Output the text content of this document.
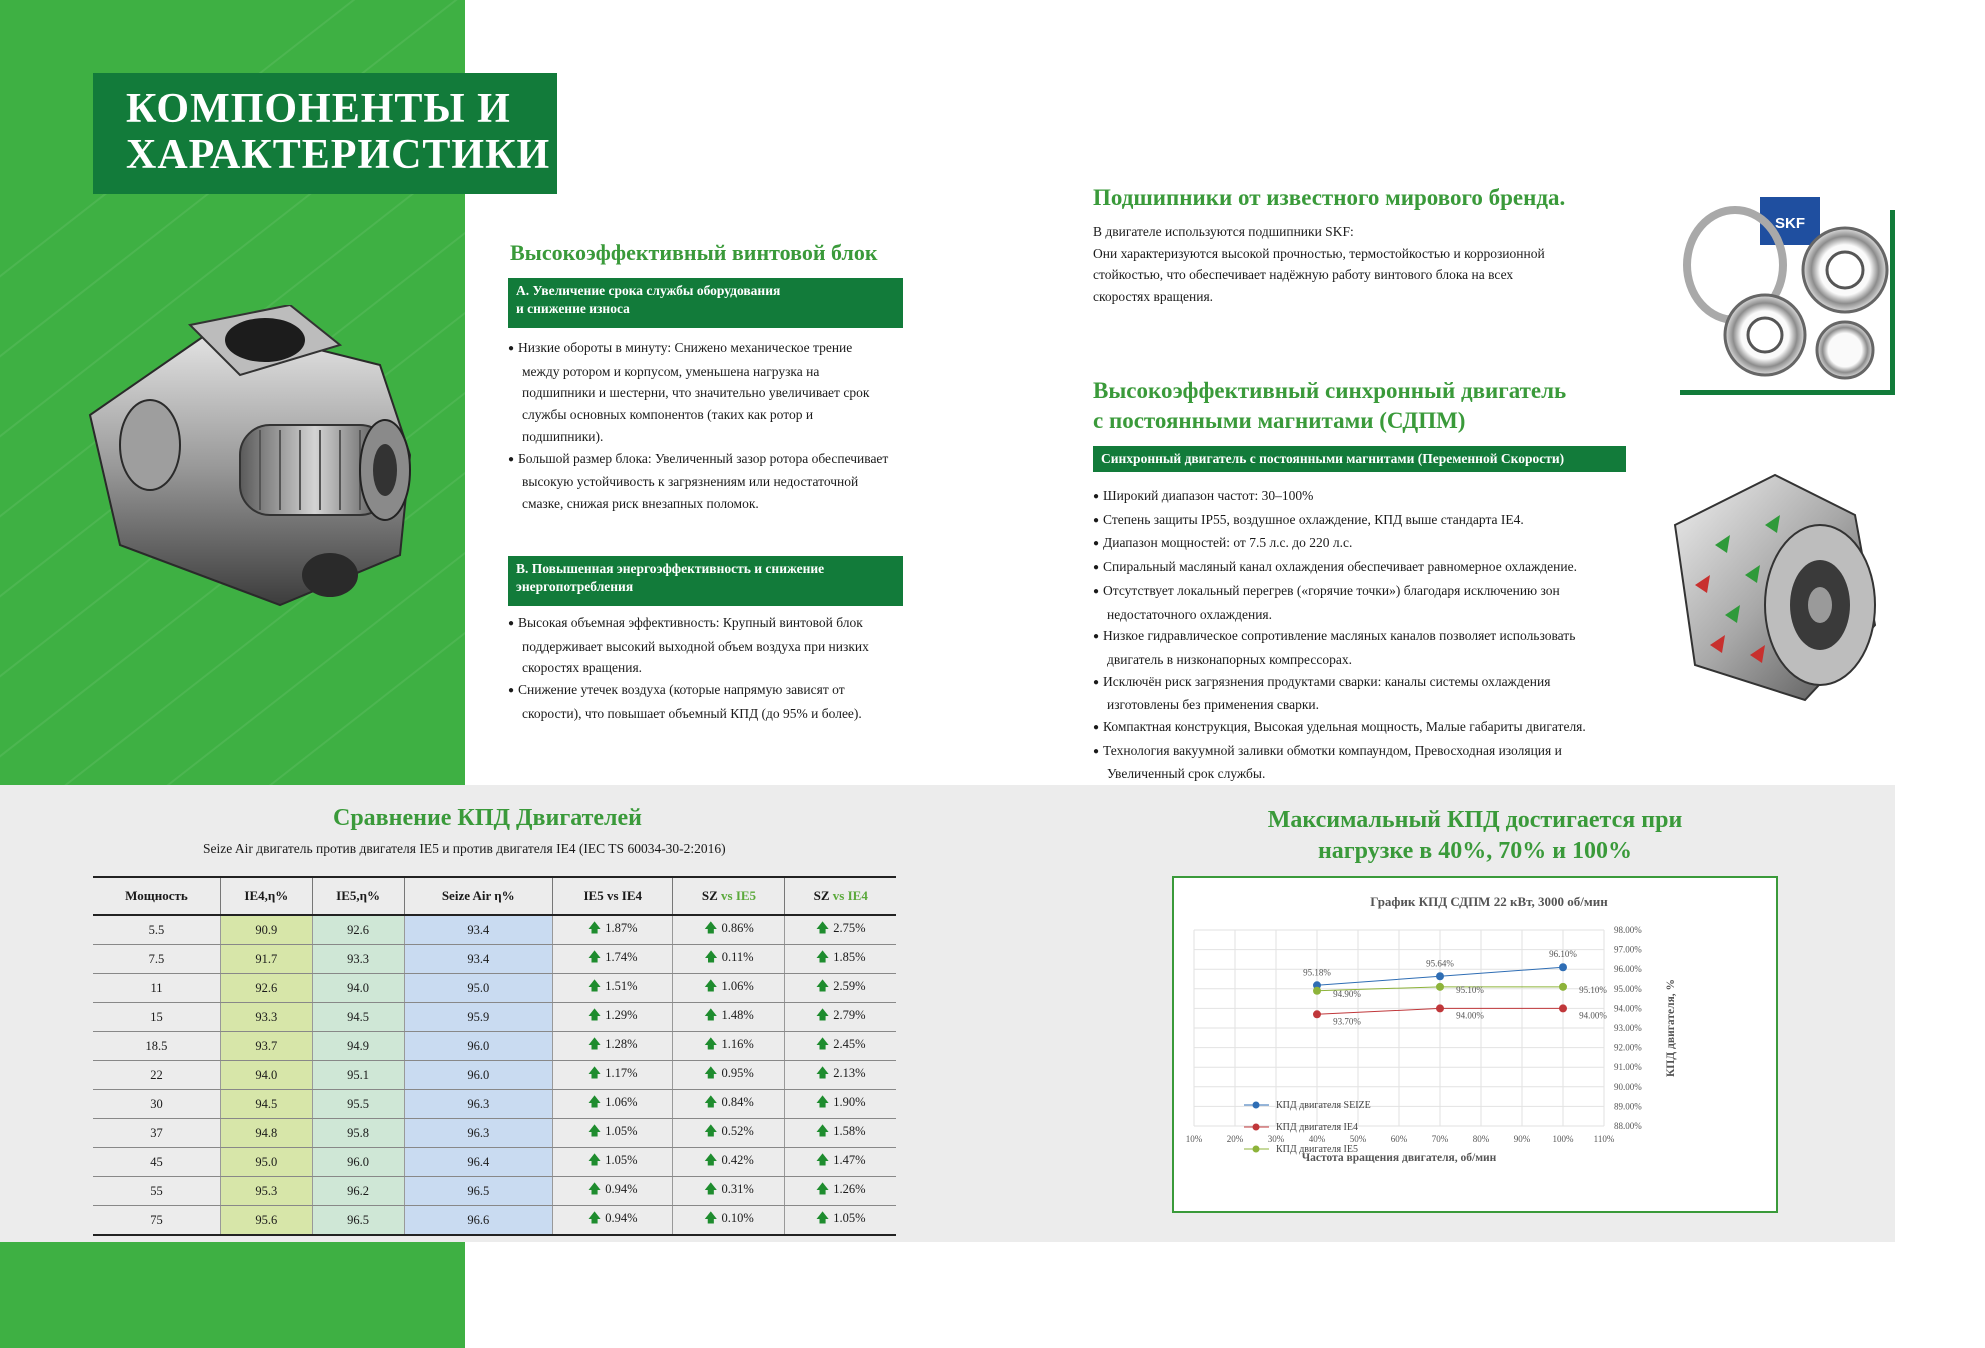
КОМПОНЕНТЫ И
ХАРАКТЕРИСТИКИ
Высокоэффективный винтовой блок
А. Увеличение срока службы оборудования
и снижение износа
● Низкие обороты в минуту: Снижено механическое трение между ротором и корпусом, уменьшена нагрузка на подшипники и шестерни, что значительно увеличивает срок службы основных компонентов (таких как ротор и подшипники).
● Большой размер блока: Увеличенный зазор ротора обеспечивает высокую устойчивость к загрязнениям или недостаточной смазке, снижая риск внезапных поломок.
В. Повышенная энергоэффективность и снижение
энергопотребления
● Высокая объемная эффективность: Крупный винтовой блок поддерживает высокий выходной объем воздуха при низких скоростях вращения.
● Снижение утечек воздуха (которые напрямую зависят от скорости), что повышает объемный КПД (до 95% и более).
Подшипники от известного мирового бренда.
В двигателе используются подшипники SKF:
Они характеризуются высокой прочностью, термостойкостью и коррозионной
стойкостью, что обеспечивает надёжную работу винтового блока на всех
скоростях вращения.
SKF
Высокоэффективный синхронный двигатель
с постоянными магнитами (СДПМ)
Синхронный двигатель с постоянными магнитами (Переменной Скорости)
● Широкий диапазон частот: 30–100%
● Степень защиты IP55, воздушное охлаждение, КПД выше стандарта IE4.
● Диапазон мощностей: от 7.5 л.с. до 220 л.с.
● Спиральный масляный канал охлаждения обеспечивает равномерное охлаждение.
● Отсутствует локальный перегрев («горячие точки») благодаря исключению зон недостаточного охлаждения.
● Низкое гидравлическое сопротивление масляных каналов позволяет использовать двигатель в низконапорных компрессорах.
● Исключён риск загрязнения продуктами сварки: каналы системы охлаждения изготовлены без применения сварки.
● Компактная конструкция, Высокая удельная мощность, Малые габариты двигателя.
● Технология вакуумной заливки обмотки компаундом, Превосходная изоляция и Увеличенный срок службы.
Сравнение КПД Двигателей
Seize Air двигатель против двигателя IE5 и против двигателя IE4 (IEC TS 60034-30-2:2016)
Мощность	IE4,η%	IE5,η%	Seize Air η%	IE5 vs IE4	SZ vs IE5	SZ vs IE4
5.5	90.9	92.6	93.4	🡅 1.87%	🡅 0.86%	🡅 2.75%
7.5	91.7	93.3	93.4	🡅 1.74%	🡅 0.11%	🡅 1.85%
11	92.6	94.0	95.0	🡅 1.51%	🡅 1.06%	🡅 2.59%
15	93.3	94.5	95.9	🡅 1.29%	🡅 1.48%	🡅 2.79%
18.5	93.7	94.9	96.0	🡅 1.28%	🡅 1.16%	🡅 2.45%
22	94.0	95.1	96.0	🡅 1.17%	🡅 0.95%	🡅 2.13%
30	94.5	95.5	96.3	🡅 1.06%	🡅 0.84%	🡅 1.90%
37	94.8	95.8	96.3	🡅 1.05%	🡅 0.52%	🡅 1.58%
45	95.0	96.0	96.4	🡅 1.05%	🡅 0.42%	🡅 1.47%
55	95.3	96.2	96.5	🡅 0.94%	🡅 0.31%	🡅 1.26%
75	95.6	96.5	96.6	🡅 0.94%	🡅 0.10%	🡅 1.05%
Максимальный КПД достигается при
нагрузке в 40%, 70% и 100%
График КПД СДПМ 22 кВт, 3000 об/мин
88.00%
89.00%
90.00%
91.00%
92.00%
93.00%
94.00%
95.00%
96.00%
97.00%
98.00%
10%	20%	30%	40%	50%	60%	70%	80%	90% 100% 110%
Частота вращения двигателя, об/мин
КПД двигателя, %
95.18%
95.64%
96.10%
93.70%
94.00%	94.00%
94.90%	95.10%	95.10%
КПД двигателя SEIZE
КПД двигателя IE4
КПД двигателя IE5
